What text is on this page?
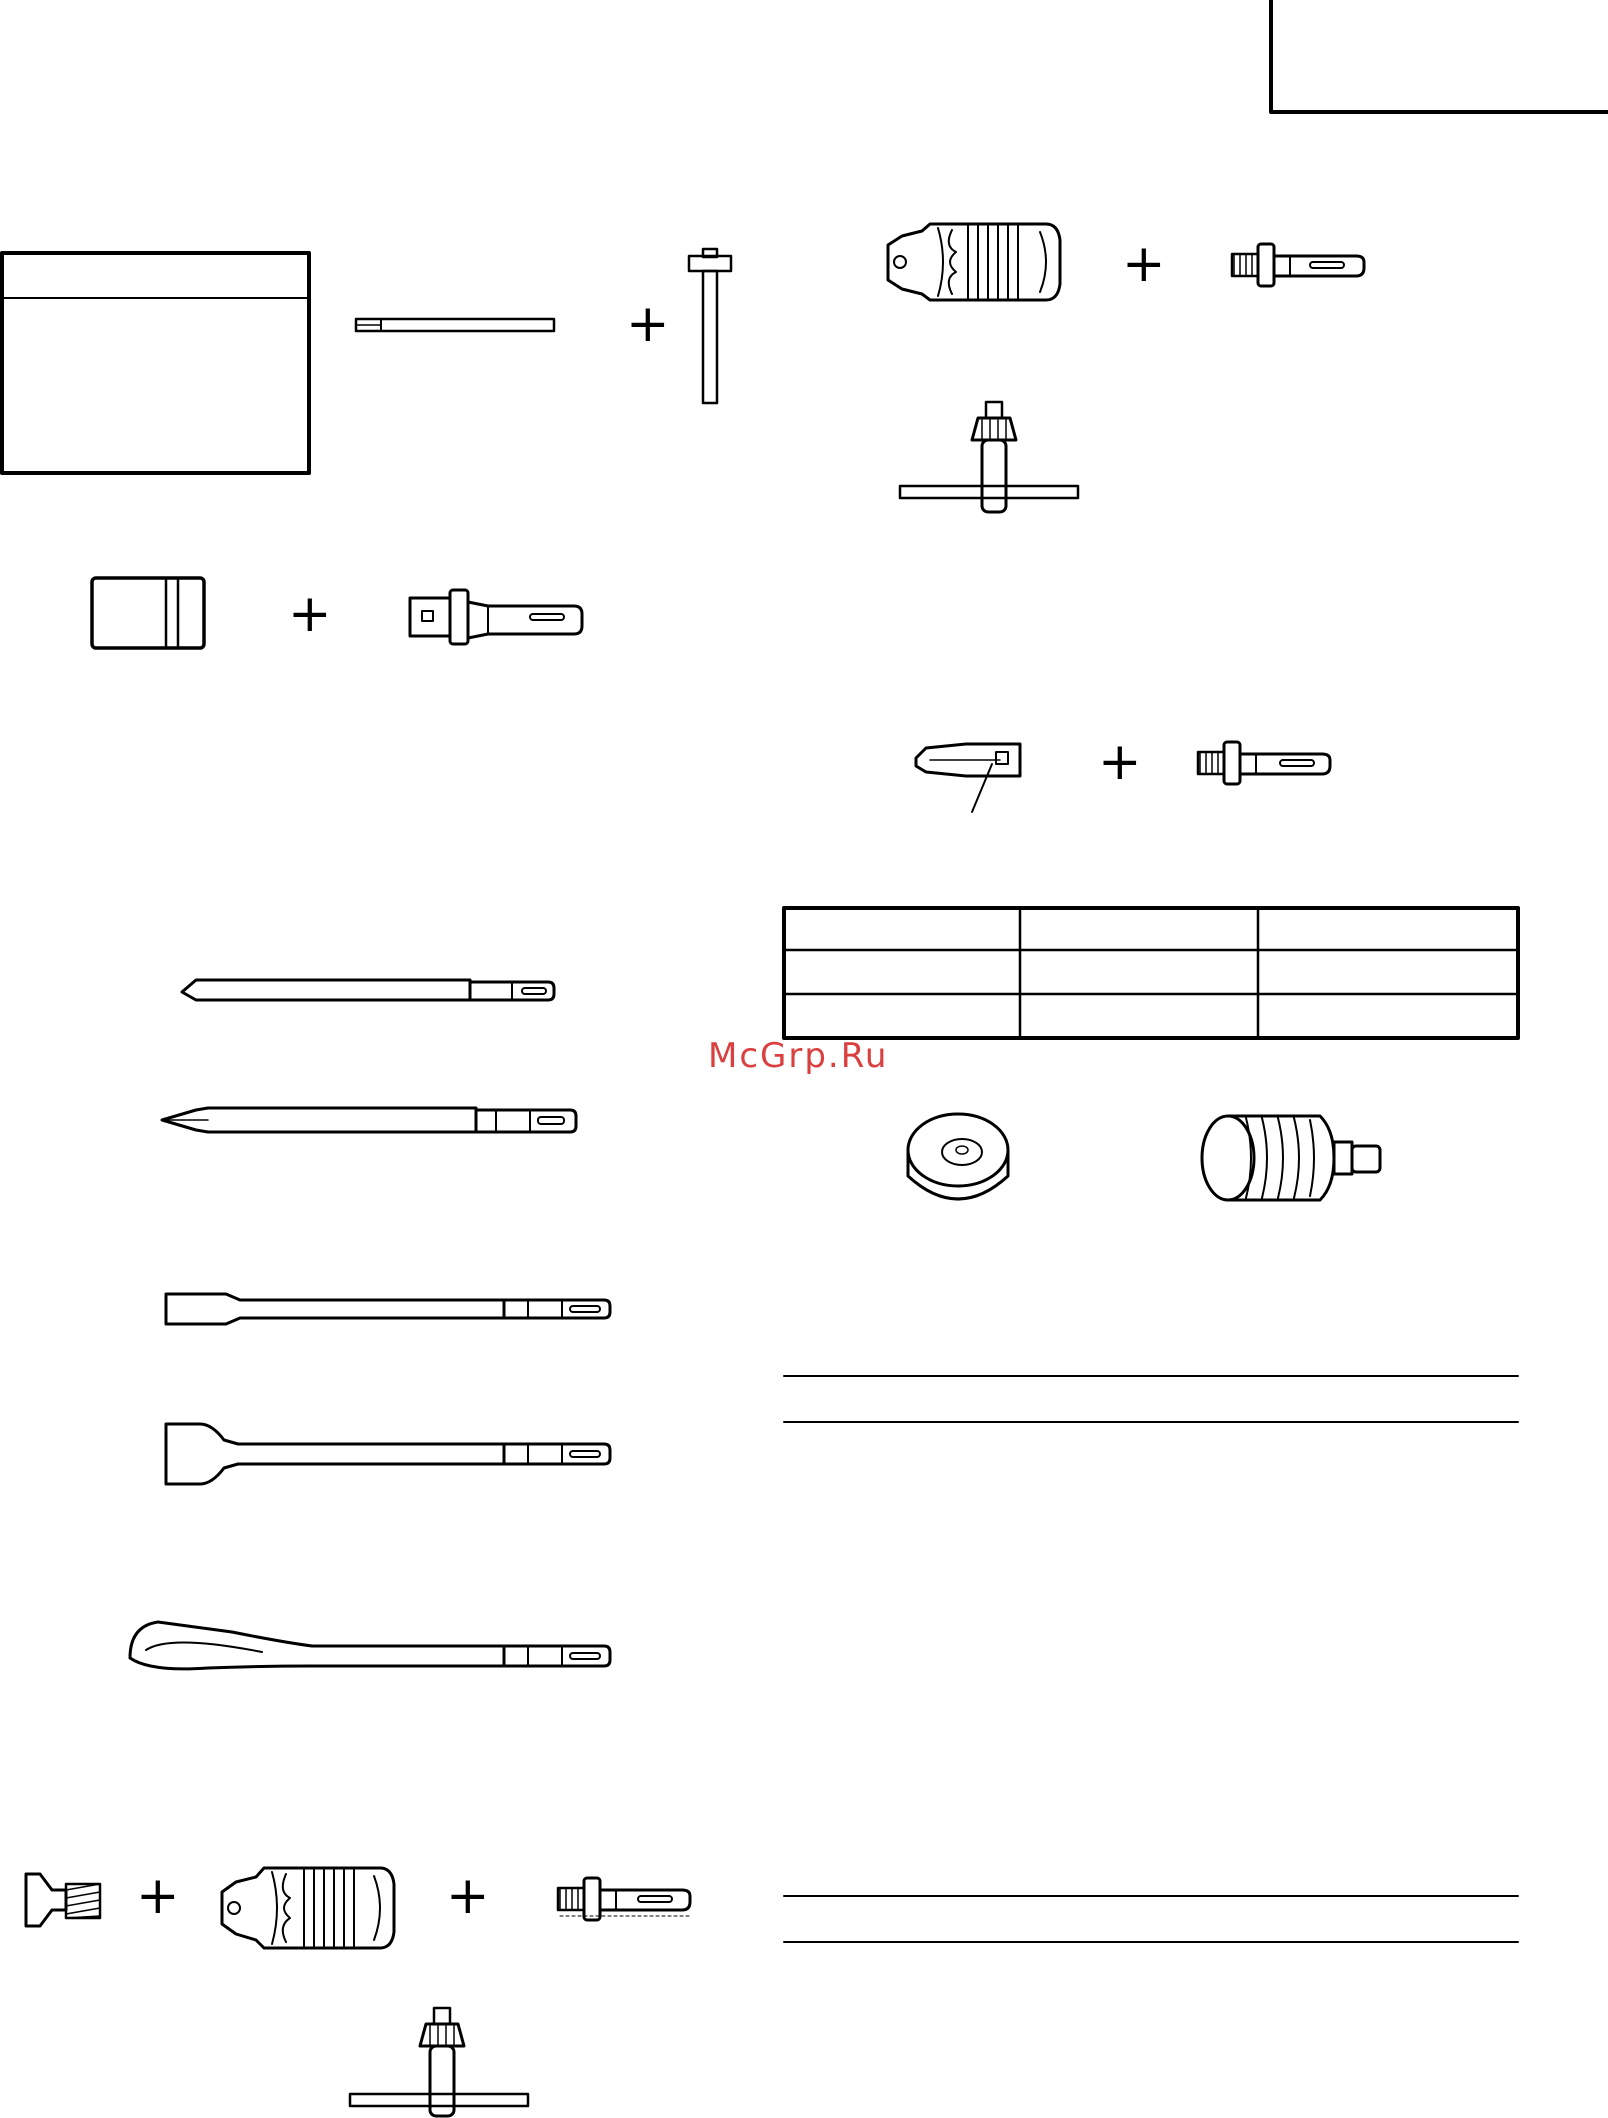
+
+
+
+
+	+
McGrp.Ru
